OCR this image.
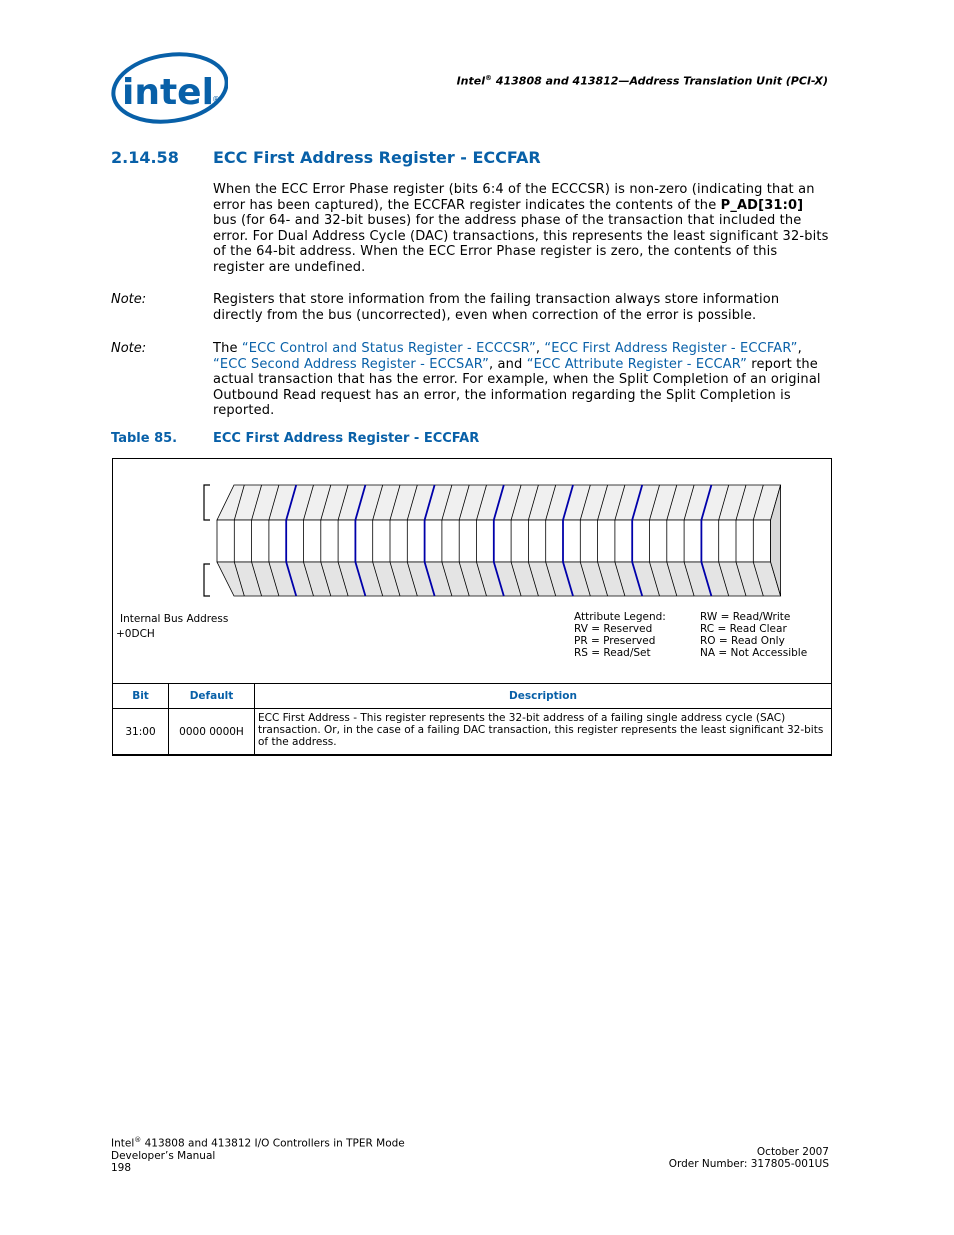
intel
®
Intel® 413808 and 413812—Address Translation Unit (PCI-X)
2.14.58 ECC First Address Register - ECCFAR
When the ECC Error Phase register (bits 6:4 of the ECCCSR) is non-zero (indicating that an error has been captured), the ECCFAR register indicates the contents of the P_AD[31:0] bus (for 64- and 32-bit buses) for the address phase of the transaction that included the error. For Dual Address Cycle (DAC) transactions, this represents the least significant 32-bits of the 64-bit address. When the ECC Error Phase register is zero, the contents of this register are undefined.
Note:	Registers that store information from the failing transaction always store information directly from the bus (uncorrected), even when correction of the error is possible.
Note:	The “ECC Control and Status Register - ECCCSR”, “ECC First Address Register - ECCFAR”, “ECC Second Address Register - ECCSAR”, and “ECC Attribute Register - ECCAR” report the actual transaction that has the error. For example, when the Split Completion of an original Outbound Read request has an error, the information regarding the Split Completion is reported.
Table 85.	ECC First Address Register - ECCFAR
Internal Bus Address
+0DCH
Attribute Legend:	RW = Read/Write
RV = Reserved	RC = Read Clear
PR = Preserved	RO = Read Only
RS = Read/Set	NA = Not Accessible
Bit	Default	Description
31:00	0000 0000H	ECC First Address - This register represents the 32-bit address of a failing single address cycle (SAC) transaction. Or, in the case of a failing DAC transaction, this register represents the least significant 32-bits of the address.
Intel® 413808 and 413812 I/O Controllers in TPER Mode
Developer’s Manual
198
October 2007
Order Number: 317805-001US
